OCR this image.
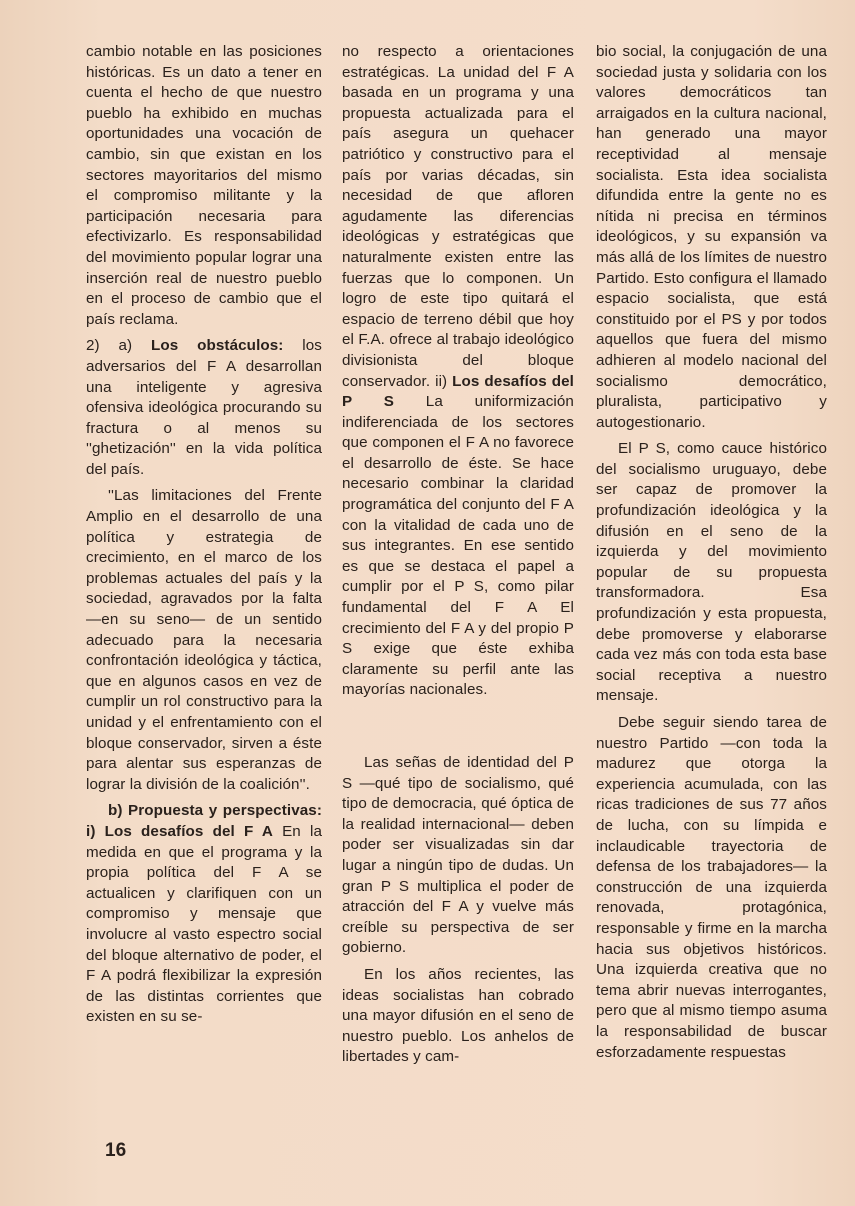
cambio notable en las posiciones históricas. Es un dato a tener en cuenta el hecho de que nuestro pueblo ha exhibido en muchas oportunidades una vocación de cambio, sin que existan en los sectores mayoritarios del mismo el compromiso militante y la participación necesaria para efectivizarlo. Es responsabilidad del movimiento popular lograr una inserción real de nuestro pueblo en el proceso de cambio que el país reclama.

2) a) Los obstáculos: los adversarios del F A desarrollan una inteligente y agresiva ofensiva ideológica procurando su fractura o al menos su ''ghetización'' en la vida política del país.

''Las limitaciones del Frente Amplio en el desarrollo de una política y estrategia de crecimiento, en el marco de los problemas actuales del país y la sociedad, agravados por la falta —en su seno— de un sentido adecuado para la necesaria confrontación ideológica y táctica, que en algunos casos en vez de cumplir un rol constructivo para la unidad y el enfrentamiento con el bloque conservador, sirven a éste para alentar sus esperanzas de lograr la división de la coalición''.

b) Propuesta y perspectivas: i) Los desafíos del F A En la medida en que el programa y la propia política del F A se actualicen y clarifiquen con un compromiso y mensaje que involucre al vasto espectro social del bloque alternativo de poder, el F A podrá flexibilizar la expresión de las distintas corrientes que existen en su se-

no respecto a orientaciones estratégicas. La unidad del F A basada en un programa y una propuesta actualizada para el país asegura un quehacer patriótico y constructivo para el país por varias décadas, sin necesidad de que afloren agudamente las diferencias ideológicas y estratégicas que naturalmente existen entre las fuerzas que lo componen. Un logro de este tipo quitará el espacio de terreno débil que hoy el F.A. ofrece al trabajo ideológico divisionista del bloque conservador. ii) Los desafíos del P S La uniformización indiferenciada de los sectores que componen el F A no favorece el desarrollo de éste. Se hace necesario combinar la claridad programática del conjunto del F A con la vitalidad de cada uno de sus integrantes. En ese sentido es que se destaca el papel a cumplir por el P S, como pilar fundamental del F A El crecimiento del F A y del propio P S exige que éste exhiba claramente su perfil ante las mayorías nacionales.

Las señas de identidad del P S —qué tipo de socialismo, qué tipo de democracia, qué óptica de la realidad internacional— deben poder ser visualizadas sin dar lugar a ningún tipo de dudas. Un gran P S multiplica el poder de atracción del F A y vuelve más creíble su perspectiva de ser gobierno.

En los años recientes, las ideas socialistas han cobrado una mayor difusión en el seno de nuestro pueblo. Los anhelos de libertades y cam-

bio social, la conjugación de una sociedad justa y solidaria con los valores democráticos tan arraigados en la cultura nacional, han generado una mayor receptividad al mensaje socialista. Esta idea socialista difundida entre la gente no es nítida ni precisa en términos ideológicos, y su expansión va más allá de los límites de nuestro Partido. Esto configura el llamado espacio socialista, que está constituido por el PS y por todos aquellos que fuera del mismo adhieren al modelo nacional del socialismo democrático, pluralista, participativo y autogestionario.

El P S, como cauce histórico del socialismo uruguayo, debe ser capaz de promover la profundización ideológica y la difusión en el seno de la izquierda y del movimiento popular de su propuesta transformadora. Esa profundización y esta propuesta, debe promoverse y elaborarse cada vez más con toda esta base social receptiva a nuestro mensaje.

Debe seguir siendo tarea de nuestro Partido —con toda la madurez que otorga la experiencia acumulada, con las ricas tradiciones de sus 77 años de lucha, con su límpida e inclaudicable trayectoria de defensa de los trabajadores— la construcción de una izquierda renovada, protagónica, responsable y firme en la marcha hacia sus objetivos históricos. Una izquierda creativa que no tema abrir nuevas interrogantes, pero que al mismo tiempo asuma la responsabilidad de buscar esforzadamente respuestas

16
